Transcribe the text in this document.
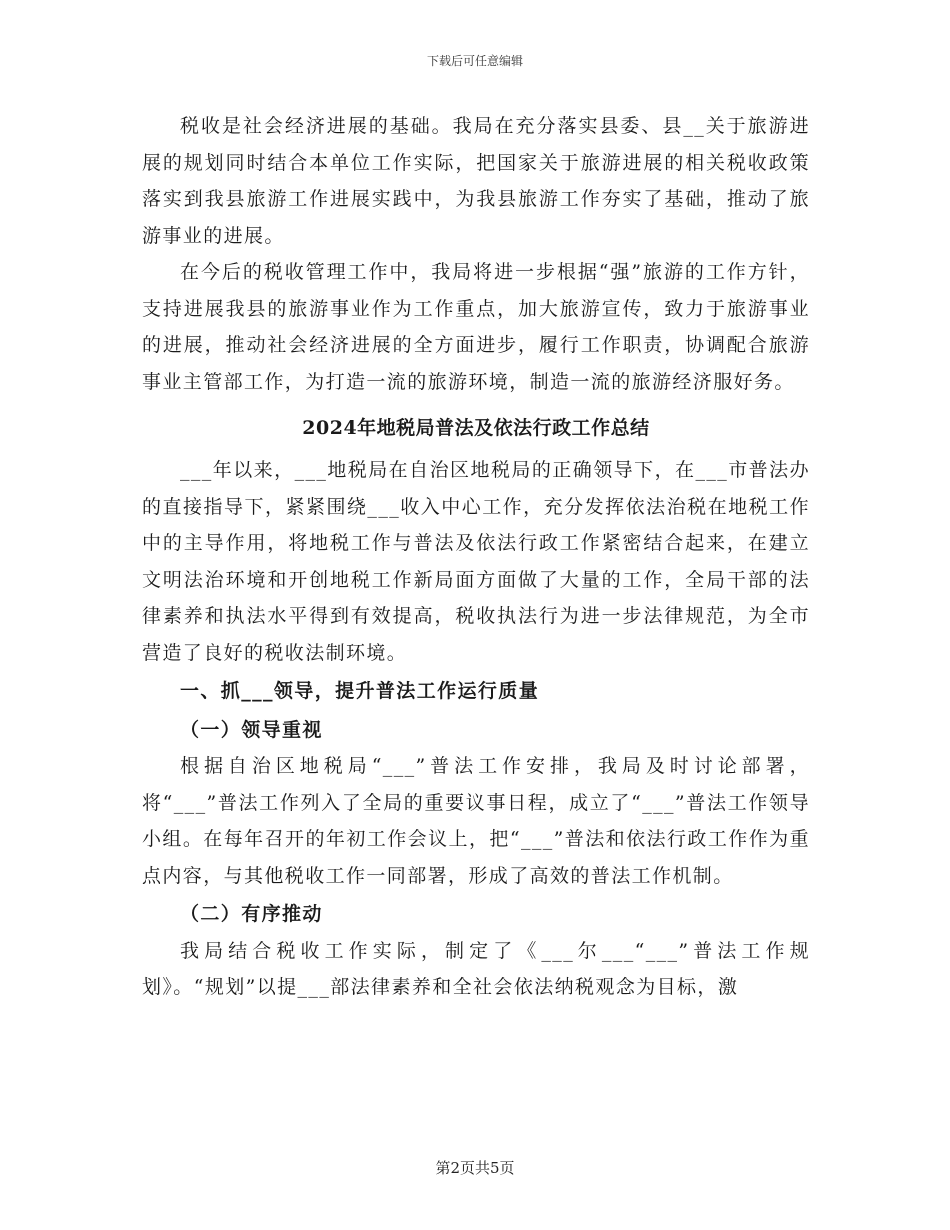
下载后可任意编辑

税收是社会经济进展的基础。我局在充分落实县委、县__关于旅游进展的规划同时结合本单位工作实际，把国家关于旅游进展的相关税收政策落实到我县旅游工作进展实践中，为我县旅游工作夯实了基础，推动了旅游事业的进展。

在今后的税收管理工作中，我局将进一步根据“强”旅游的工作方针，支持进展我县的旅游事业作为工作重点，加大旅游宣传，致力于旅游事业的进展，推动社会经济进展的全方面进步，履行工作职责，协调配合旅游事业主管部工作，为打造一流的旅游环境，制造一流的旅游经济服好务。

2024年地税局普法及依法行政工作总结

___年以来，___地税局在自治区地税局的正确领导下，在___市普法办的直接指导下，紧紧围绕___收入中心工作，充分发挥依法治税在地税工作中的主导作用，将地税工作与普法及依法行政工作紧密结合起来，在建立文明法治环境和开创地税工作新局面方面做了大量的工作，全局干部的法律素养和执法水平得到有效提高，税收执法行为进一步法律规范，为全市营造了良好的税收法制环境。

一、抓___领导，提升普法工作运行质量
（一）领导重视

根据自治区地税局“___”普法工作安排，我局及时讨论部署，将“___”普法工作列入了全局的重要议事日程，成立了“___”普法工作领导小组。在每年召开的年初工作会议上，把“___”普法和依法行政工作作为重点内容，与其他税收工作一同部署，形成了高效的普法工作机制。

（二）有序推动

我局结合税收工作实际，制定了《___尔___“___”普法工作规划》。“规划”以提___部法律素养和全社会依法纳税观念为目标，激

第2页共5页
